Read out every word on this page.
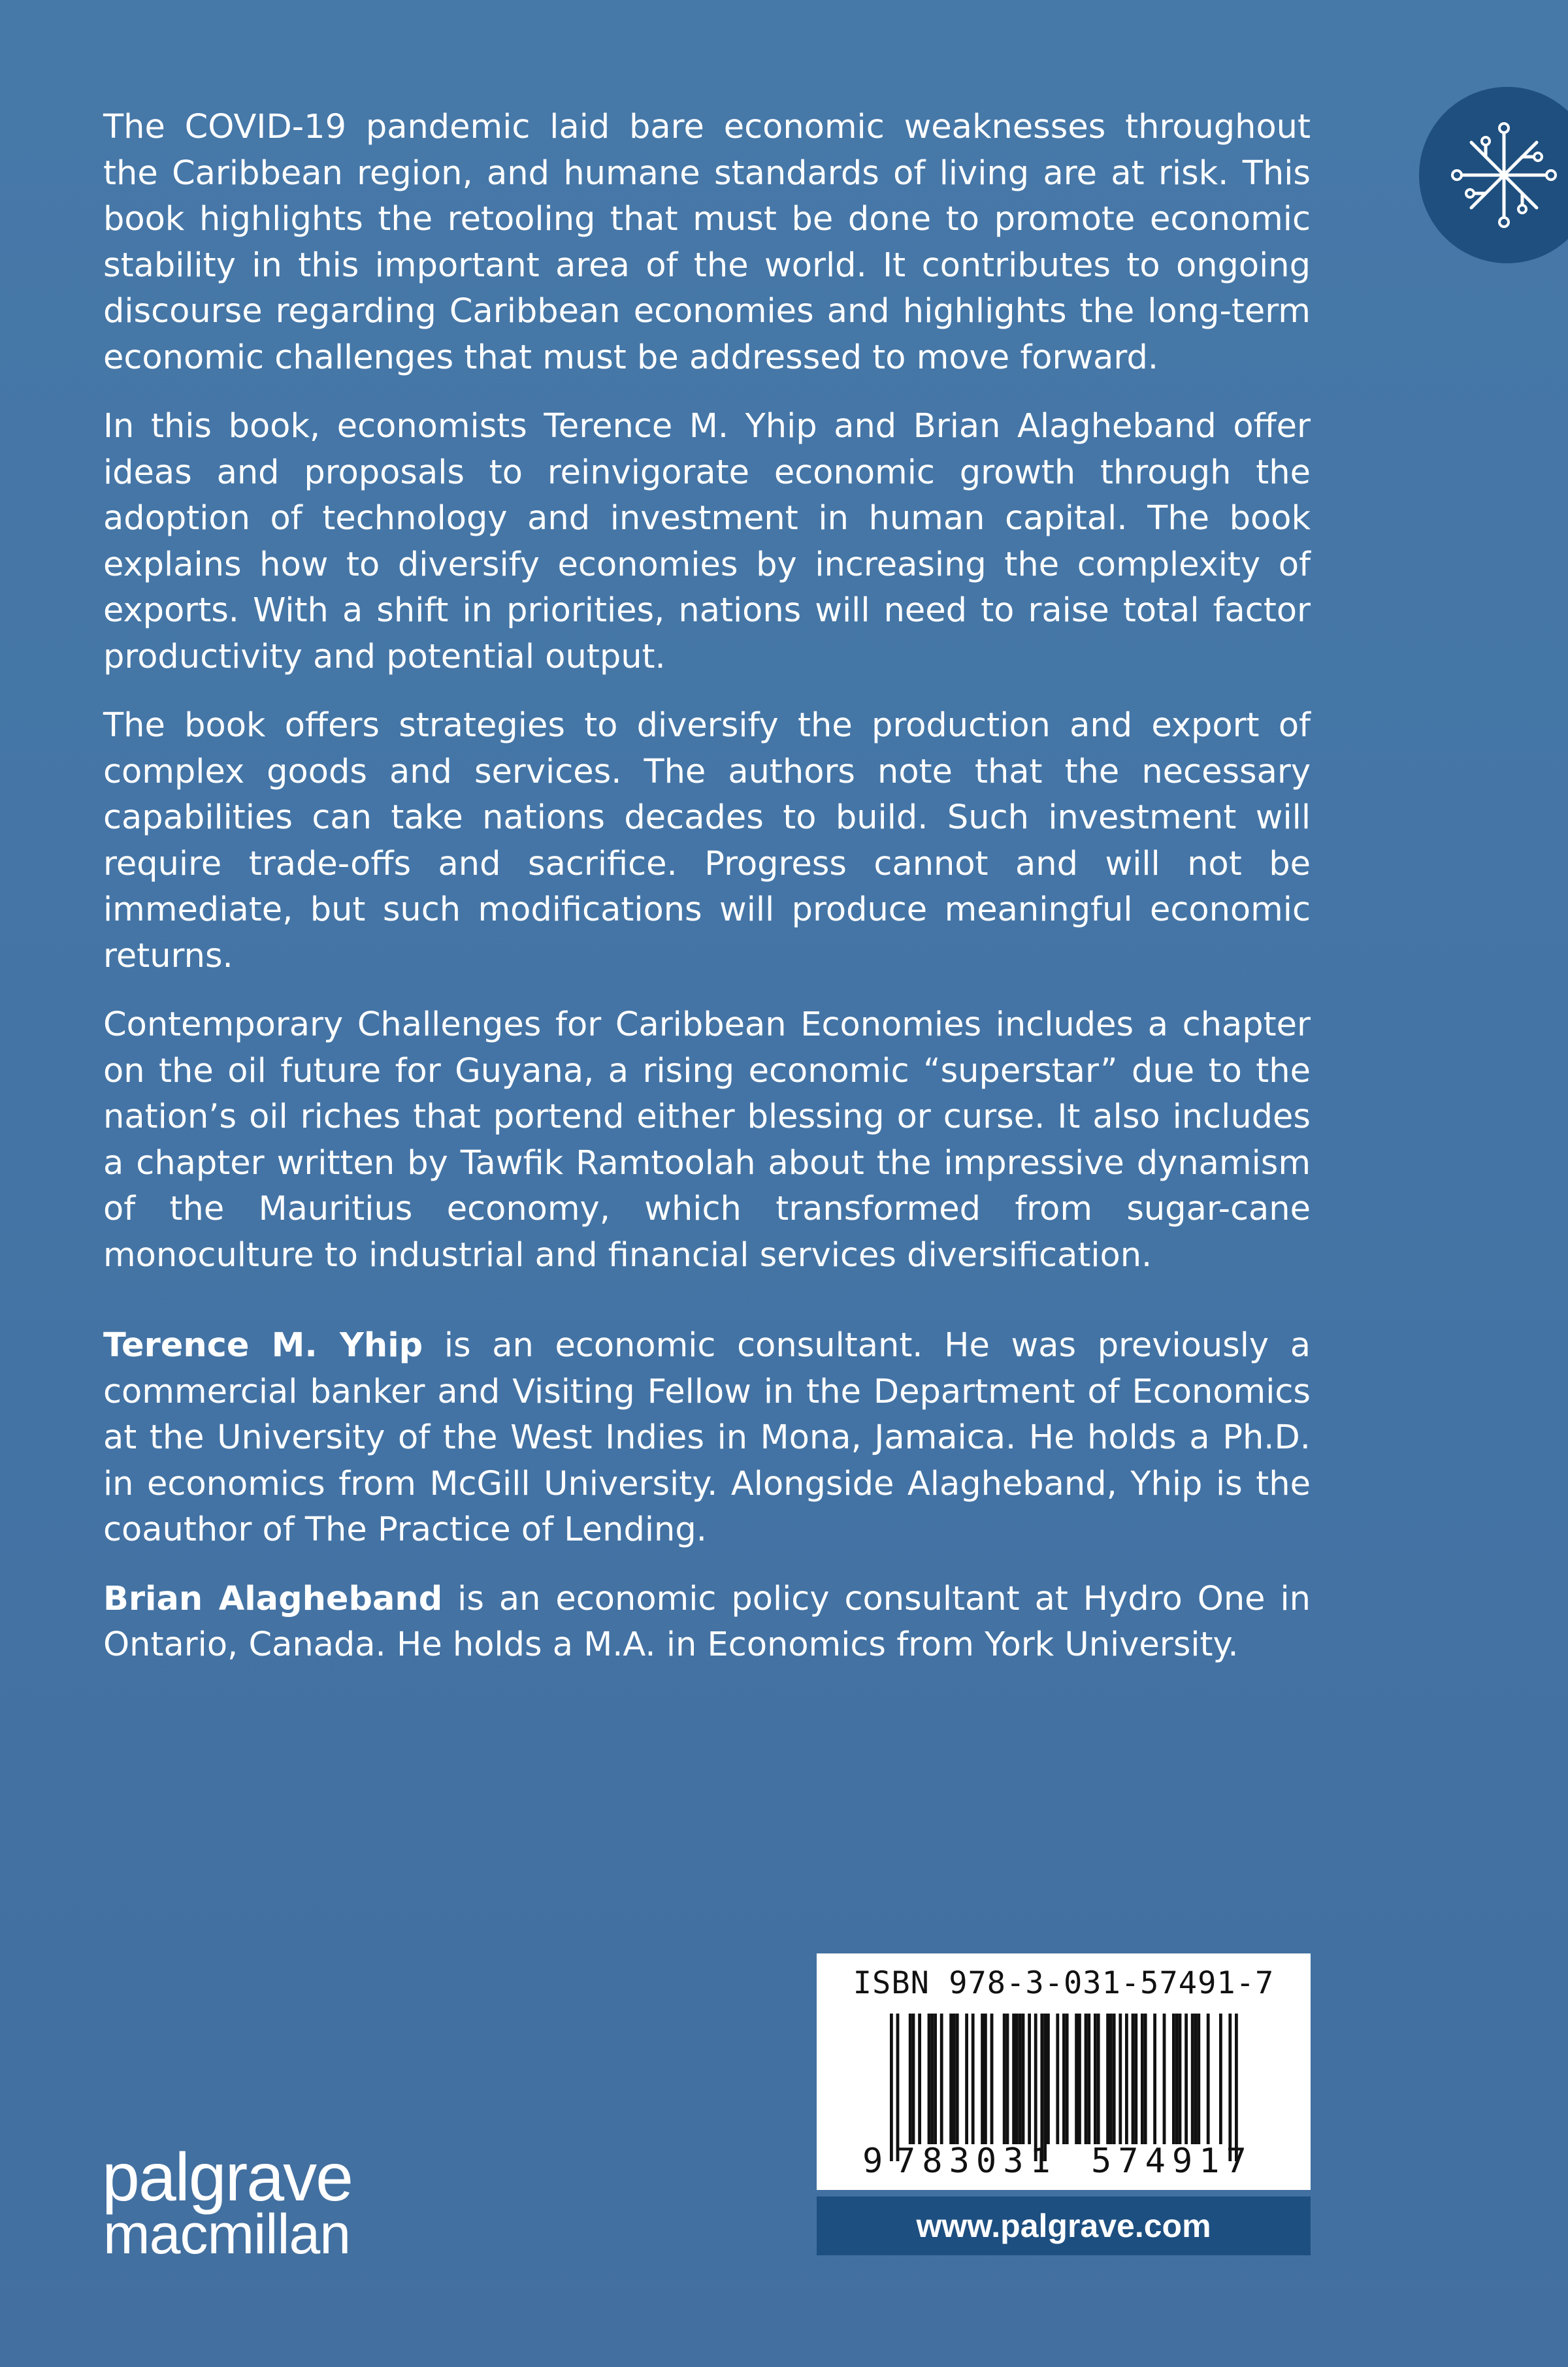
The COVID-19 pandemic laid bare economic weaknesses throughout the Caribbean region, and humane standards of living are at risk. This book highlights the retooling that must be done to promote economic stability in this important area of the world. It contributes to ongoing discourse regarding Caribbean economies and highlights the long-term economic challenges that must be addressed to move forward.

In this book, economists Terence M. Yhip and Brian Alagheband offer ideas and proposals to reinvigorate economic growth through the adoption of technology and investment in human capital. The book explains how to diversify economies by increasing the complexity of exports. With a shift in priorities, nations will need to raise total factor productivity and potential output.

The book offers strategies to diversify the production and export of complex goods and services. The authors note that the necessary capabilities can take nations decades to build. Such investment will require trade-offs and sacrifice. Progress cannot and will not be immediate, but such modifications will produce meaningful economic returns.

Contemporary Challenges for Caribbean Economies includes a chapter on the oil future for Guyana, a rising economic “superstar” due to the nation’s oil riches that portend either blessing or curse. It also includes a chapter written by Tawfik Ramtoolah about the impressive dynamism of the Mauritius economy, which transformed from sugar-cane monoculture to industrial and financial services diversification.

Terence M. Yhip is an economic consultant. He was previously a commercial banker and Visiting Fellow in the Department of Economics at the University of the West Indies in Mona, Jamaica. He holds a Ph.D. in economics from McGill University. Alongside Alagheband, Yhip is the coauthor of The Practice of Lending.

Brian Alagheband is an economic policy consultant at Hydro One in Ontario, Canada. He holds a M.A. in Economics from York University.

palgrave
macmillan
ISBN 978-3-031-57491-7
9 783031 574917
www.palgrave.com
